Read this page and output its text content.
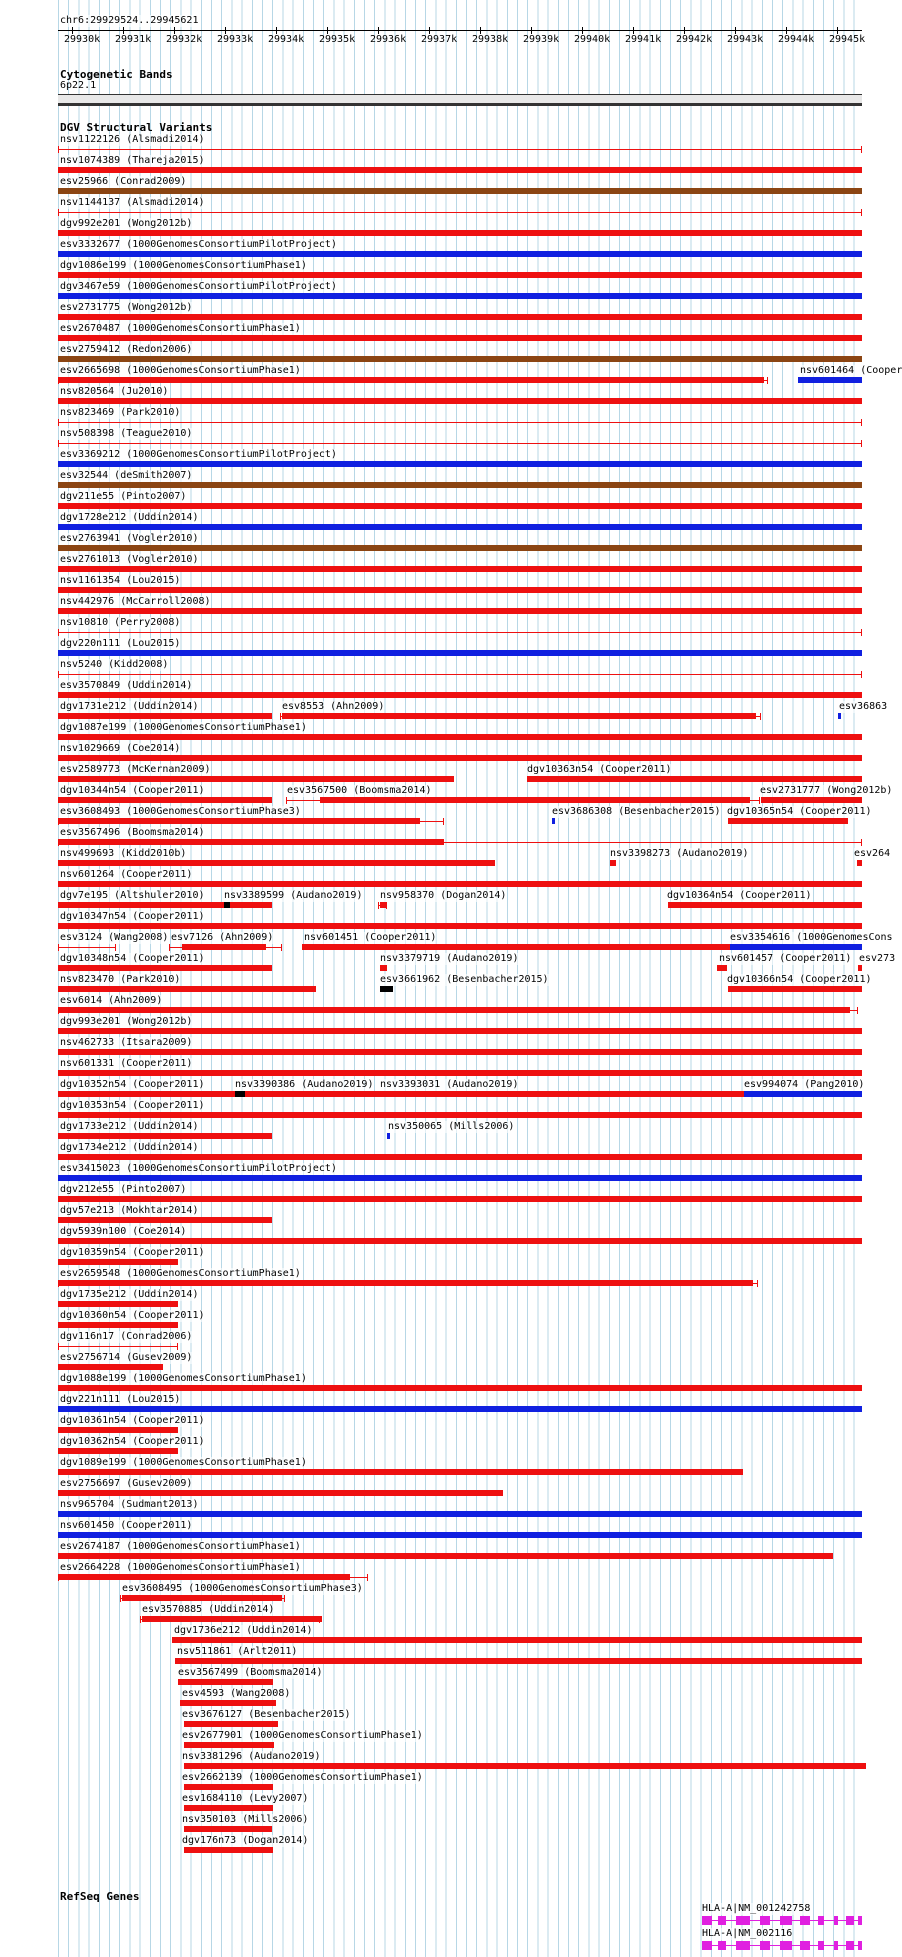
chr6:29929524..29945621
29930k 29931k 29932k 29933k 29934k 29935k 29936k 29937k 29938k 29939k 29940k 29941k 29942k 29943k 29944k 29945k
Cytogenetic Bands
6p22.1
DGV Structural Variants
nsv1122126 (Alsmadi2014)
nsv1074389 (Thareja2015)
esv25966 (Conrad2009)
nsv1144137 (Alsmadi2014)
dgv992e201 (Wong2012b)
esv3332677 (1000GenomesConsortiumPilotProject)
dgv1086e199 (1000GenomesConsortiumPhase1)
dgv3467e59 (1000GenomesConsortiumPilotProject)
esv2731775 (Wong2012b)
esv2670487 (1000GenomesConsortiumPhase1)
esv2759412 (Redon2006)
esv2665698 (1000GenomesConsortiumPhase1)	nsv601464 (Cooper
nsv820564 (Ju2010)
nsv823469 (Park2010)
nsv508398 (Teague2010)
esv3369212 (1000GenomesConsortiumPilotProject)
esv32544 (deSmith2007)
dgv211e55 (Pinto2007)
dgv1728e212 (Uddin2014)
esv2763941 (Vogler2010)
esv2761013 (Vogler2010)
nsv1161354 (Lou2015)
nsv442976 (McCarroll2008)
nsv10810 (Perry2008)
dgv220n111 (Lou2015)
nsv5240 (Kidd2008)
esv3570849 (Uddin2014)
dgv1731e212 (Uddin2014)	esv8553 (Ahn2009)	esv36863
dgv1087e199 (1000GenomesConsortiumPhase1)
nsv1029669 (Coe2014)
esv2589773 (McKernan2009)	dgv10363n54 (Cooper2011)
dgv10344n54 (Cooper2011)	esv3567500 (Boomsma2014)	esv2731777 (Wong2012b)
esv3608493 (1000GenomesConsortiumPhase3)	esv3686308 (Besenbacher2015) dgv10365n54 (Cooper2011)
esv3567496 (Boomsma2014)
nsv499693 (Kidd2010b)	nsv3398273 (Audano2019)	esv264
nsv601264 (Cooper2011)
dgv7e195 (Altshuler2010) nsv3389599 (Audano2019) nsv958370 (Dogan2014)	dgv10364n54 (Cooper2011)
dgv10347n54 (Cooper2011)
esv3124 (Wang2008) esv7126 (Ahn2009)	nsv601451 (Cooper2011)	esv3354616 (1000GenomesCons
dgv10348n54 (Cooper2011)	nsv3379719 (Audano2019)	nsv601457 (Cooper2011) esv273
nsv823470 (Park2010)	esv3661962 (Besenbacher2015)	dgv10366n54 (Cooper2011)
esv6014 (Ahn2009)
dgv993e201 (Wong2012b)
nsv462733 (Itsara2009)
nsv601331 (Cooper2011)
dgv10352n54 (Cooper2011)	nsv3390386 (Audano2019) nsv3393031 (Audano2019)	esv994074 (Pang2010)
dgv10353n54 (Cooper2011)
dgv1733e212 (Uddin2014)	nsv350065 (Mills2006)
dgv1734e212 (Uddin2014)
esv3415023 (1000GenomesConsortiumPilotProject)
dgv212e55 (Pinto2007)
dgv57e213 (Mokhtar2014)
dgv5939n100 (Coe2014)
dgv10359n54 (Cooper2011)
esv2659548 (1000GenomesConsortiumPhase1)
dgv1735e212 (Uddin2014)
dgv10360n54 (Cooper2011)
dgv116n17 (Conrad2006)
esv2756714 (Gusev2009)
dgv1088e199 (1000GenomesConsortiumPhase1)
dgv221n111 (Lou2015)
dgv10361n54 (Cooper2011)
dgv10362n54 (Cooper2011)
dgv1089e199 (1000GenomesConsortiumPhase1)
esv2756697 (Gusev2009)
nsv965704 (Sudmant2013)
nsv601450 (Cooper2011)
esv2674187 (1000GenomesConsortiumPhase1)
esv2664228 (1000GenomesConsortiumPhase1)
esv3608495 (1000GenomesConsortiumPhase3)
esv3570885 (Uddin2014)
dgv1736e212 (Uddin2014)
nsv511861 (Arlt2011)
esv3567499 (Boomsma2014)
esv4593 (Wang2008)
esv3676127 (Besenbacher2015)
esv2677901 (1000GenomesConsortiumPhase1)
nsv3381296 (Audano2019)
esv2662139 (1000GenomesConsortiumPhase1)
esv1684110 (Levy2007)
nsv350103 (Mills2006)
dgv176n73 (Dogan2014)
RefSeq Genes
HLA-A|NM_001242758
HLA-A|NM_002116
